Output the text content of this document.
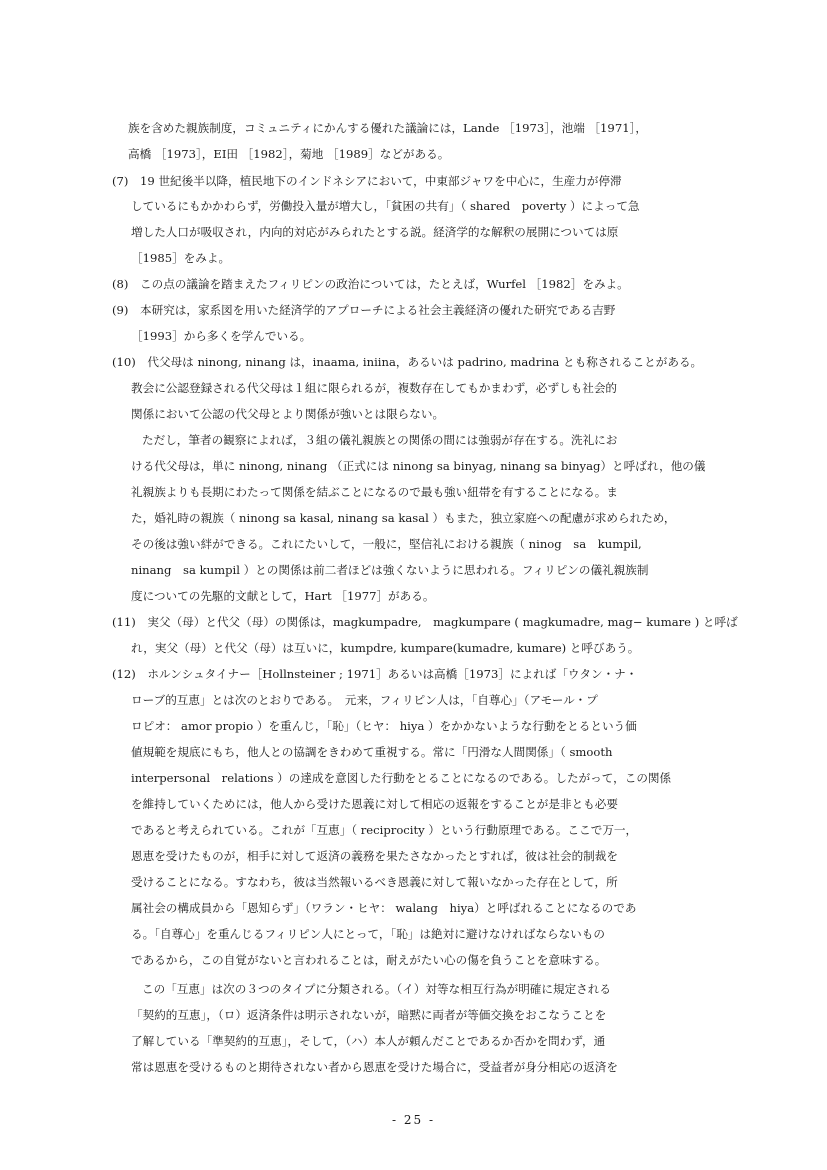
族を含めた親族制度，コミュニティにかんする優れた議論には，Lande ［1973］，池端 ［1971］，
高橋 ［1973］，EI田 ［1982］，菊地 ［1989］などがある。
(7)　19 世紀後半以降，植民地下のインドネシアにおいて，中東部ジャワを中心に，生産力が停滞
しているにもかかわらず，労働投入量が増大し，「貧困の共有」（ shared　poverty ）によって急
増した人口が吸収され，内向的対応がみられたとする説。経済学的な解釈の展開については原
［1985］をみよ。
(8)　この点の議論を踏まえたフィリピンの政治については，たとえば，Wurfel ［1982］をみよ。
(9)　本研究は，家系図を用いた経済学的アプローチによる社会主義経済の優れた研究である吉野
［1993］から多くを学んでいる。
(10)　代父母は ninong, ninang は，inaama, iniina，あるいは padrino, madrina とも称されることがある。
教会に公認登録される代父母は１組に限られるが，複数存在してもかまわず，必ずしも社会的
関係において公認の代父母とより関係が強いとは限らない。
ただし，筆者の観察によれば，３組の儀礼親族との関係の間には強弱が存在する。洗礼にお
ける代父母は，単に ninong, ninang （正式には ninong sa binyag, ninang sa binyag）と呼ばれ，他の儀
礼親族よりも長期にわたって関係を結ぶことになるので最も強い紐帯を有することになる。ま
た，婚礼時の親族（ ninong sa kasal, ninang sa kasal ）もまた，独立家庭への配慮が求められため，
その後は強い絆ができる。これにたいして，一般に，堅信礼における親族（ ninog　sa　kumpil,
ninang　sa kumpil ）との関係は前二者ほどは強くないように思われる。フィリピンの儀礼親族制
度についての先駆的文献として，Hart ［1977］がある。
(11)　実父（母）と代父（母）の関係は，magkumpadre,　magkumpare ( magkumadre, mag− kumare ) と呼ば
れ，実父（母）と代父（母）は互いに，kumpdre, kumpare(kumadre, kumare) と呼びあう。
(12)　ホルンシュタイナー［Hollnsteiner ; 1971］あるいは高橋［1973］によれば「ウタン・ナ・
ローブ的互恵」とは次のとおりである。　元来，フィリピン人は，「自尊心」（アモール・プ
ロピオ： amor propio ）を重んじ，「恥」（ヒヤ： hiya ）をかかないような行動をとるという価
値規範を規底にもち，他人との協調をきわめて重視する。常に「円滑な人間関係」（ smooth
interpersonal　relations ）の達成を意図した行動をとることになるのである。したがって，この関係
を維持していくためには，他人から受けた恩義に対して相応の返報をすることが是非とも必要
であると考えられている。これが「互恵」（ reciprocity ）という行動原理である。ここで万一，
恩恵を受けたものが，相手に対して返済の義務を果たさなかったとすれば，彼は社会的制裁を
受けることになる。すなわち，彼は当然報いるべき恩義に対して報いなかった存在として，所
属社会の構成員から「恩知らず」（ワラン・ヒヤ： walang　hiya）と呼ばれることになるのであ
る。「自尊心」を重んじるフィリピン人にとって，「恥」は絶対に避けなければならないもの
であるから，この自覚がないと言われることは，耐えがたい心の傷を負うことを意味する。
この「互恵」は次の３つのタイプに分類される。（イ）対等な相互行為が明確に規定される
「契約的互恵」，（ロ）返済条件は明示されないが，暗黙に両者が等価交換をおこなうことを
了解している「準契約的互恵」，そして，（ハ）本人が頼んだことであるか否かを問わず，通
常は恩恵を受けるものと期待されない者から恩恵を受けた場合に，受益者が身分相応の返済を
- 25 -
